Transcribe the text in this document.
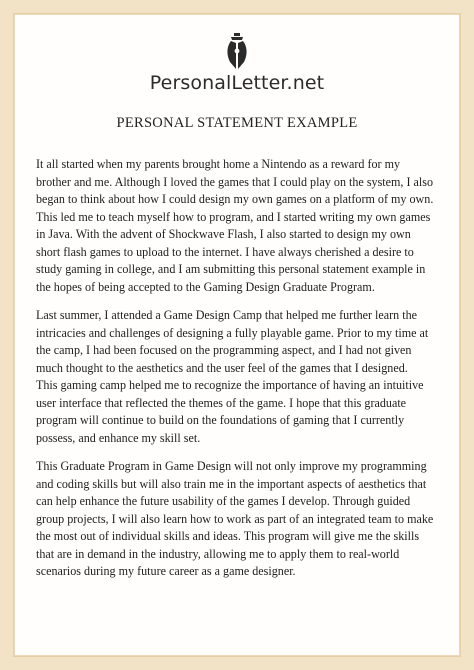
PersonalLetter.net
PERSONAL STATEMENT EXAMPLE

It all started when my parents brought home a Nintendo as a reward for my
brother and me. Although I loved the games that I could play on the system, I also
began to think about how I could design my own games on a platform of my own.
This led me to teach myself how to program, and I started writing my own games
in Java. With the advent of Shockwave Flash, I also started to design my own
short flash games to upload to the internet. I have always cherished a desire to
study gaming in college, and I am submitting this personal statement example in
the hopes of being accepted to the Gaming Design Graduate Program.

Last summer, I attended a Game Design Camp that helped me further learn the
intricacies and challenges of designing a fully playable game. Prior to my time at
the camp, I had been focused on the programming aspect, and I had not given
much thought to the aesthetics and the user feel of the games that I designed.
This gaming camp helped me to recognize the importance of having an intuitive
user interface that reflected the themes of the game. I hope that this graduate
program will continue to build on the foundations of gaming that I currently
possess, and enhance my skill set.

This Graduate Program in Game Design will not only improve my programming
and coding skills but will also train me in the important aspects of aesthetics that
can help enhance the future usability of the games I develop. Through guided
group projects, I will also learn how to work as part of an integrated team to make
the most out of individual skills and ideas. This program will give me the skills
that are in demand in the industry, allowing me to apply them to real-world
scenarios during my future career as a game designer.
